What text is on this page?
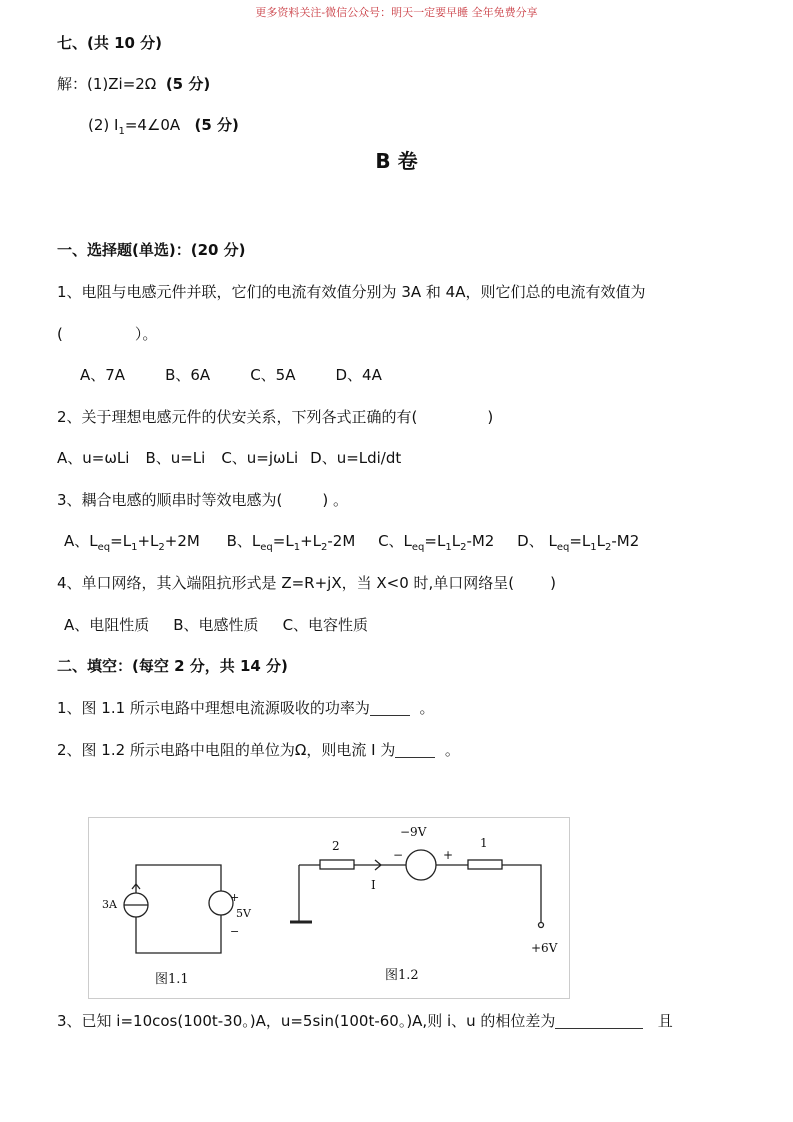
更多资料关注-微信公众号：明天一定要早睡 全年免费分享
七、(共 10 分)
解：(1)Zi=2Ω (5 分)
(2) $I_1=4\angle 0A$ (5 分)
B 卷
一、选择题(单选)：(20 分)
1、电阻与电感元件并联，它们的电流有效值分别为 3A 和 4A，则它们总的电流有效值为
(	）。
A、7A	B、6A	C、5A	D、4A
2、关于理想电感元件的伏安关系，下列各式正确的有(	)
A、u=ωLi B、u=Li C、u=jωLi D、u=Ldi/dt
3、耦合电感的顺串时等效电感为(	) 。
A、$L_{eq}=L_1+L_2+2M$ B、$L_{eq}=L_1+L_2-2M$ C、$L_{eq}=L_1L_2-M2$ D、 $L_{eq}=L_1L_2-M2$
4、单口网络，其入端阻抗形式是 Z=R+jX，当 X<0 时,单口网络呈( )
A、电阻性质 B、电感性质 C、电容性质
二、填空：(每空 2 分，共 14 分)
1、图 1.1 所示电路中理想电流源吸收的功率为	。
2、图 1.2 所示电路中电阻的单位为Ω，则电流 I 为	。
3A
+
5V
−
图1.1
2	1
I
−9V
−	+
+6V
图1.2
3、已知 i=10cos(100t-30。)A，u=5sin(100t-60。)A,则 i、u 的相位差为	且
